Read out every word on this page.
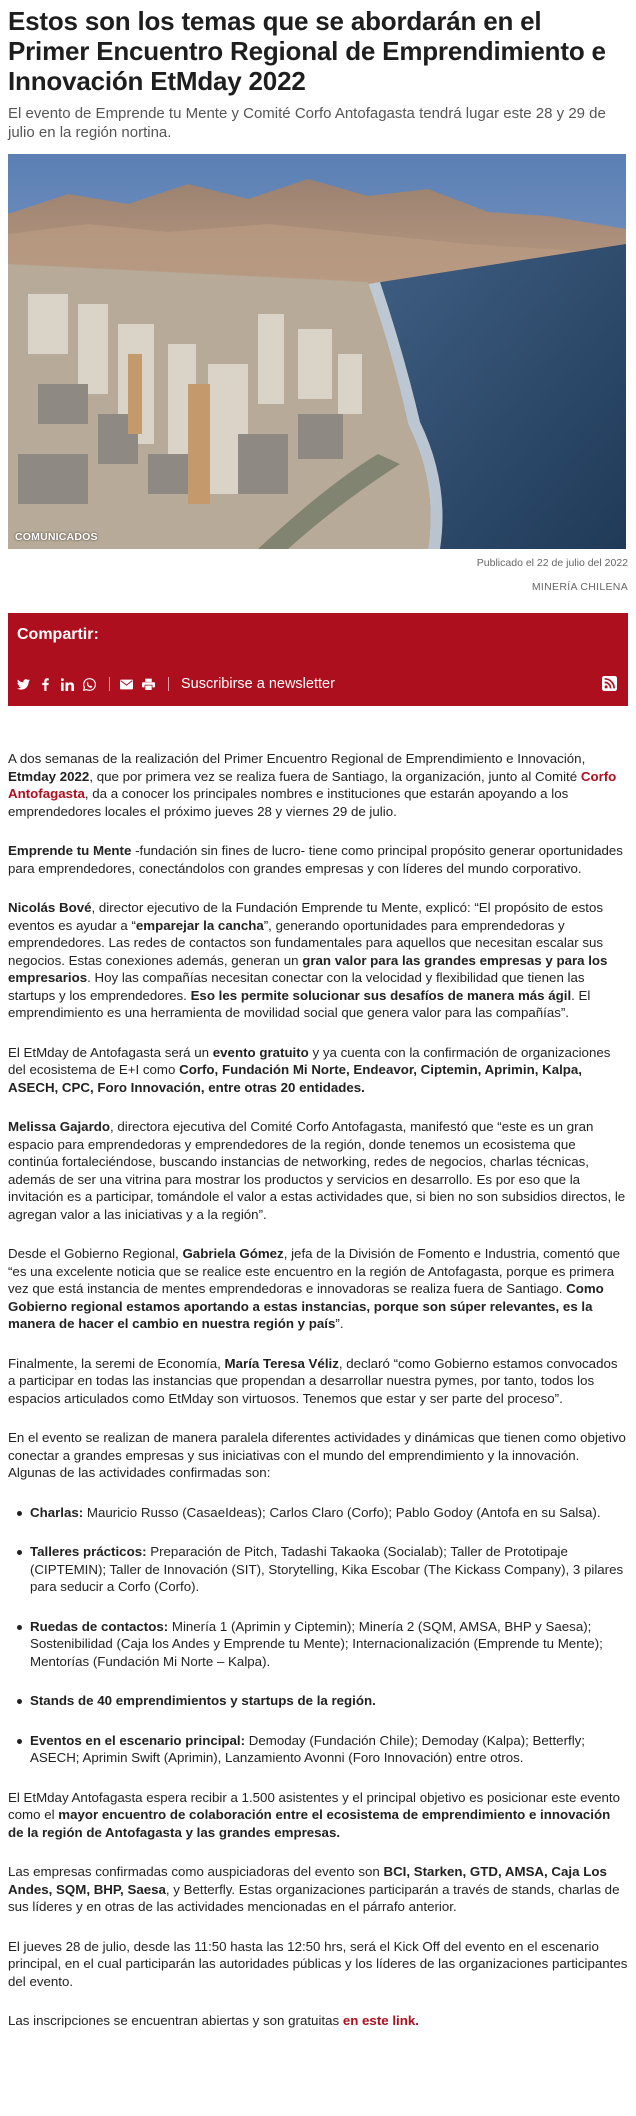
Estos son los temas que se abordarán en el Primer Encuentro Regional de Emprendimiento e Innovación EtMday 2022
El evento de Emprende tu Mente y Comité Corfo Antofagasta tendrá lugar este 28 y 29 de julio en la región nortina.
COMUNICADOS
Publicado el 22 de julio del 2022
MINERÍA CHILENA
Compartir:
Suscribirse a newsletter

A dos semanas de la realización del Primer Encuentro Regional de Emprendimiento e Innovación, Etmday 2022, que por primera vez se realiza fuera de Santiago, la organización, junto al Comité Corfo Antofagasta, da a conocer los principales nombres e instituciones que estarán apoyando a los emprendedores locales el próximo jueves 28 y viernes 29 de julio.

Emprende tu Mente -fundación sin fines de lucro- tiene como principal propósito generar oportunidades para emprendedores, conectándolos con grandes empresas y con líderes del mundo corporativo.

Nicolás Bové, director ejecutivo de la Fundación Emprende tu Mente, explicó: “El propósito de estos eventos es ayudar a “emparejar la cancha”, generando oportunidades para emprendedoras y emprendedores. Las redes de contactos son fundamentales para aquellos que necesitan escalar sus negocios. Estas conexiones además, generan un gran valor para las grandes empresas y para los empresarios. Hoy las compañías necesitan conectar con la velocidad y flexibilidad que tienen las startups y los emprendedores. Eso les permite solucionar sus desafíos de manera más ágil. El emprendimiento es una herramienta de movilidad social que genera valor para las compañías”.

El EtMday de Antofagasta será un evento gratuito y ya cuenta con la confirmación de organizaciones del ecosistema de E+I como Corfo, Fundación Mi Norte, Endeavor, Ciptemin, Aprimin, Kalpa, ASECH, CPC, Foro Innovación, entre otras 20 entidades.

Melissa Gajardo, directora ejecutiva del Comité Corfo Antofagasta, manifestó que “este es un gran espacio para emprendedoras y emprendedores de la región, donde tenemos un ecosistema que continúa fortaleciéndose, buscando instancias de networking, redes de negocios, charlas técnicas, además de ser una vitrina para mostrar los productos y servicios en desarrollo. Es por eso que la invitación es a participar, tomándole el valor a estas actividades que, si bien no son subsidios directos, le agregan valor a las iniciativas y a la región”.

Desde el Gobierno Regional, Gabriela Gómez, jefa de la División de Fomento e Industria, comentó que “es una excelente noticia que se realice este encuentro en la región de Antofagasta, porque es primera vez que está instancia de mentes emprendedoras e innovadoras se realiza fuera de Santiago. Como Gobierno regional estamos aportando a estas instancias, porque son súper relevantes, es la manera de hacer el cambio en nuestra región y país”.

Finalmente, la seremi de Economía, María Teresa Véliz, declaró “como Gobierno estamos convocados a participar en todas las instancias que propendan a desarrollar nuestra pymes, por tanto, todos los espacios articulados como EtMday son virtuosos. Tenemos que estar y ser parte del proceso”.

En el evento se realizan de manera paralela diferentes actividades y dinámicas que tienen como objetivo conectar a grandes empresas y sus iniciativas con el mundo del emprendimiento y la innovación. Algunas de las actividades confirmadas son:

Charlas: Mauricio Russo (CasaeIdeas); Carlos Claro (Corfo); Pablo Godoy (Antofa en su Salsa).
Talleres prácticos: Preparación de Pitch, Tadashi Takaoka (Socialab); Taller de Prototipaje (CIPTEMIN); Taller de Innovación (SIT), Storytelling, Kika Escobar (The Kickass Company), 3 pilares para seducir a Corfo (Corfo).
Ruedas de contactos: Minería 1 (Aprimin y Ciptemin); Minería 2 (SQM, AMSA, BHP y Saesa); Sostenibilidad (Caja los Andes y Emprende tu Mente); Internacionalización (Emprende tu Mente); Mentorías (Fundación Mi Norte – Kalpa).
Stands de 40 emprendimientos y startups de la región.
Eventos en el escenario principal: Demoday (Fundación Chile); Demoday (Kalpa); Betterfly; ASECH; Aprimin Swift (Aprimin), Lanzamiento Avonni (Foro Innovación) entre otros.

El EtMday Antofagasta espera recibir a 1.500 asistentes y el principal objetivo es posicionar este evento como el mayor encuentro de colaboración entre el ecosistema de emprendimiento e innovación de la región de Antofagasta y las grandes empresas.

Las empresas confirmadas como auspiciadoras del evento son BCI, Starken, GTD, AMSA, Caja Los Andes, SQM, BHP, Saesa, y Betterfly. Estas organizaciones participarán a través de stands, charlas de sus líderes y en otras de las actividades mencionadas en el párrafo anterior.

El jueves 28 de julio, desde las 11:50 hasta las 12:50 hrs, será el Kick Off del evento en el escenario principal, en el cual participarán las autoridades públicas y los líderes de las organizaciones participantes del evento.

Las inscripciones se encuentran abiertas y son gratuitas en este link.
